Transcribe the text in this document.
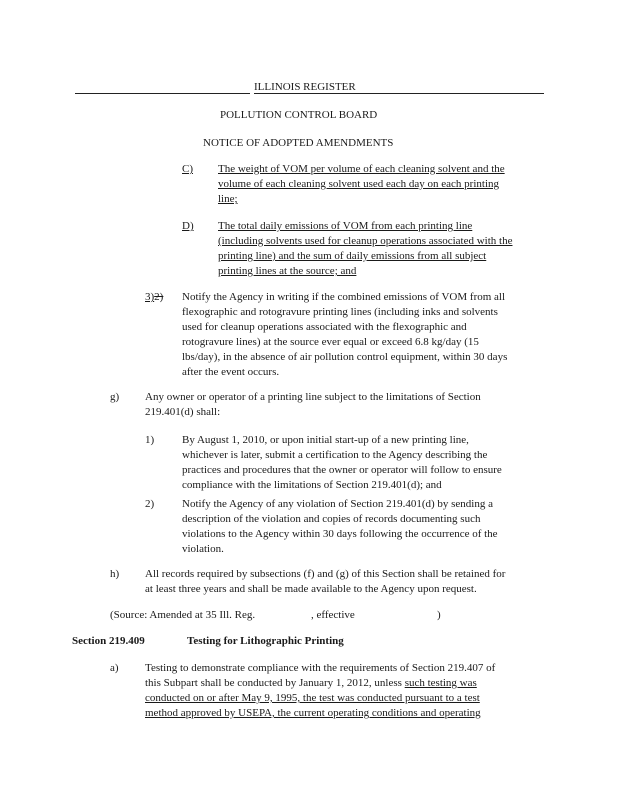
ILLINOIS REGISTER
POLLUTION CONTROL BOARD
NOTICE OF ADOPTED AMENDMENTS
C) The weight of VOM per volume of each cleaning solvent and the
volume of each cleaning solvent used each day on each printing
line;
D) The total daily emissions of VOM from each printing line
(including solvents used for cleanup operations associated with the
printing line) and the sum of daily emissions from all subject
printing lines at the source; and
3)2) Notify the Agency in writing if the combined emissions of VOM from all
flexographic and rotogravure printing lines (including inks and solvents
used for cleanup operations associated with the flexographic and
rotogravure lines) at the source ever equal or exceed 6.8 kg/day (15
lbs/day), in the absence of air pollution control equipment, within 30 days
after the event occurs.
g) Any owner or operator of a printing line subject to the limitations of Section
219.401(d) shall:
1)	By August 1, 2010, or upon initial start-up of a new printing line,
whichever is later, submit a certification to the Agency describing the
practices and procedures that the owner or operator will follow to ensure
compliance with the limitations of Section 219.401(d); and
2)	Notify the Agency of any violation of Section 219.401(d) by sending a
description of the violation and copies of records documenting such
violations to the Agency within 30 days following the occurrence of the
violation.
h) All records required by subsections (f) and (g) of this Section shall be retained for
at least three years and shall be made available to the Agency upon request.
(Source: Amended at 35 Ill. Reg.	, effective	)
Section 219.409	Testing for Lithographic Printing
a) Testing to demonstrate compliance with the requirements of Section 219.407 of
this Subpart shall be conducted by January 1, 2012, unless such testing was
conducted on or after May 9, 1995, the test was conducted pursuant to a test
method approved by USEPA, the current operating conditions and operating
